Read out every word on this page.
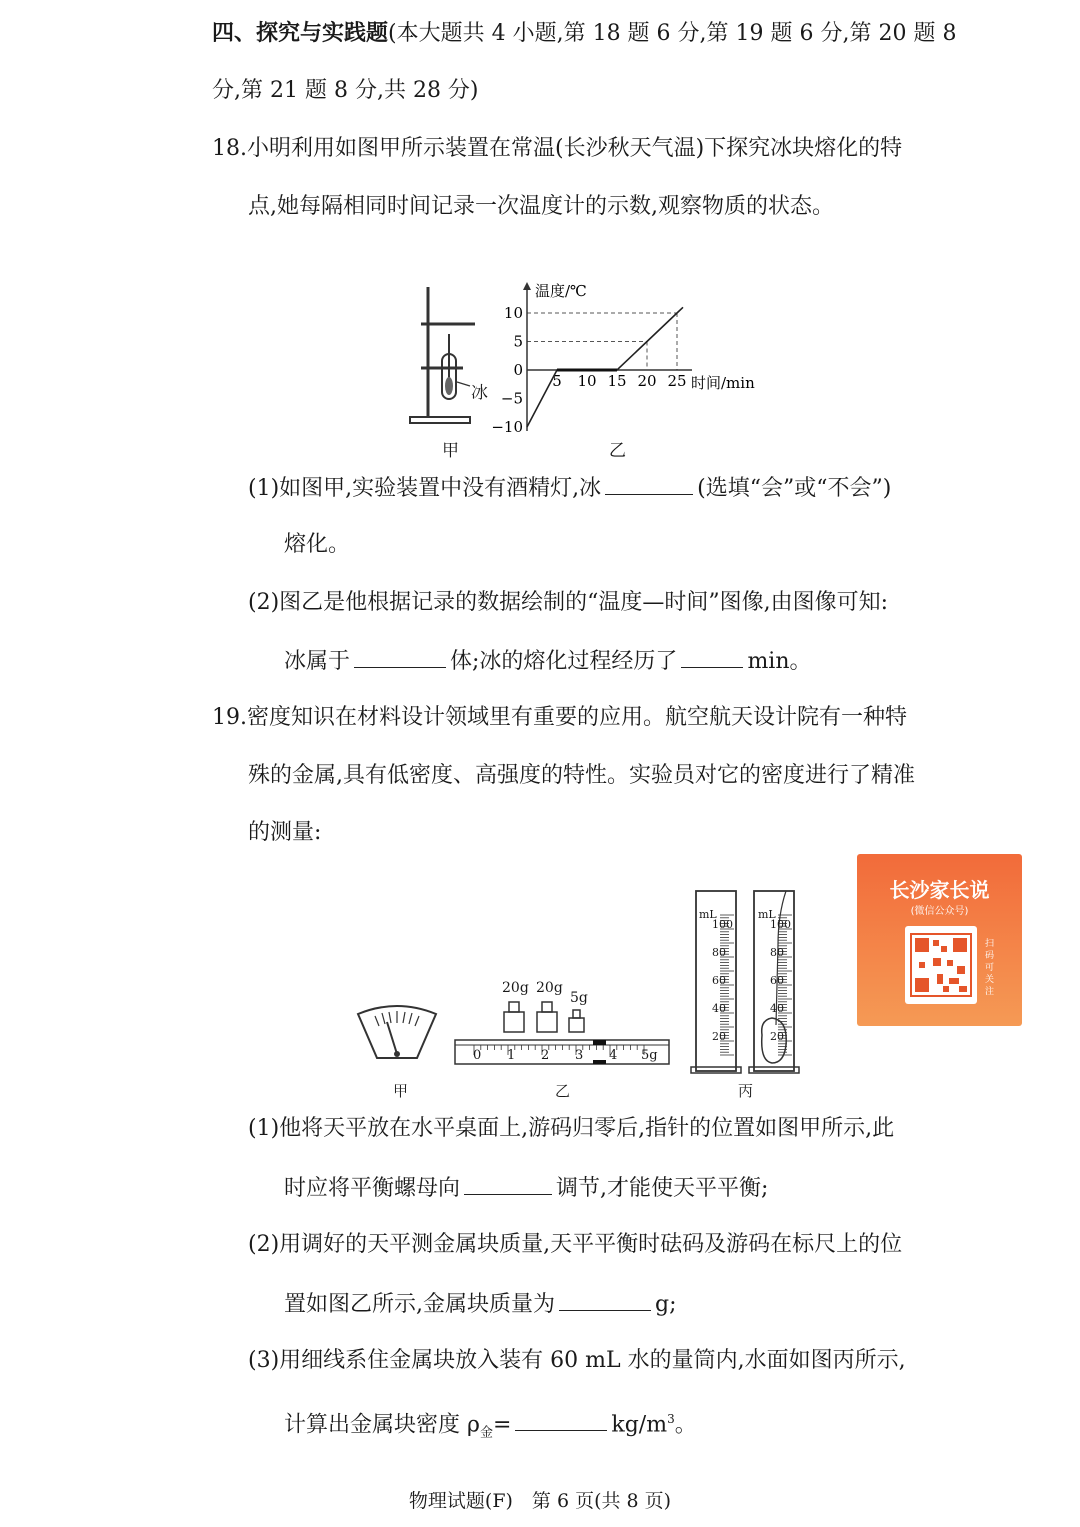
四、探究与实践题(本大题共 4 小题,第 18 题 6 分,第 19 题 6 分,第 20 题 8
分,第 21 题 8 分,共 28 分)
18.小明利用如图甲所示装置在常温(长沙秋天气温)下探究冰块熔化的特
点,她每隔相同时间记录一次温度计的示数,观察物质的状态。
冰
甲
10
5
0
−5
−10
5 10 15 20 25
温度/℃
时间/min
乙
(1)如图甲,实验装置中没有酒精灯,冰	(选填“会”或“不会”)
熔化。
(2)图乙是他根据记录的数据绘制的“温度—时间”图像,由图像可知:
冰属于	体;冰的熔化过程经历了	min。
19.密度知识在材料设计领域里有重要的应用。航空航天设计院有一种特
殊的金属,具有低密度、高强度的特性。实验员对它的密度进行了精准
的测量:
甲
20g 20g
5g
0 1 2 3 4 5g
乙
mL	mL
100	100
80	80
60	60
40	40
20	20
丙
长沙家长说
(微信公众号)
扫码可关注
(1)他将天平放在水平桌面上,游码归零后,指针的位置如图甲所示,此
时应将平衡螺母向	调节,才能使天平平衡;
(2)用调好的天平测金属块质量,天平平衡时砝码及游码在标尺上的位
置如图乙所示,金属块质量为	g;
(3)用细线系住金属块放入装有 60 mL 水的量筒内,水面如图丙所示,
计算出金属块密度 $\rho_金=$	$kg/m^3$。
物理试题(F)　第 6 页(共 8 页)
